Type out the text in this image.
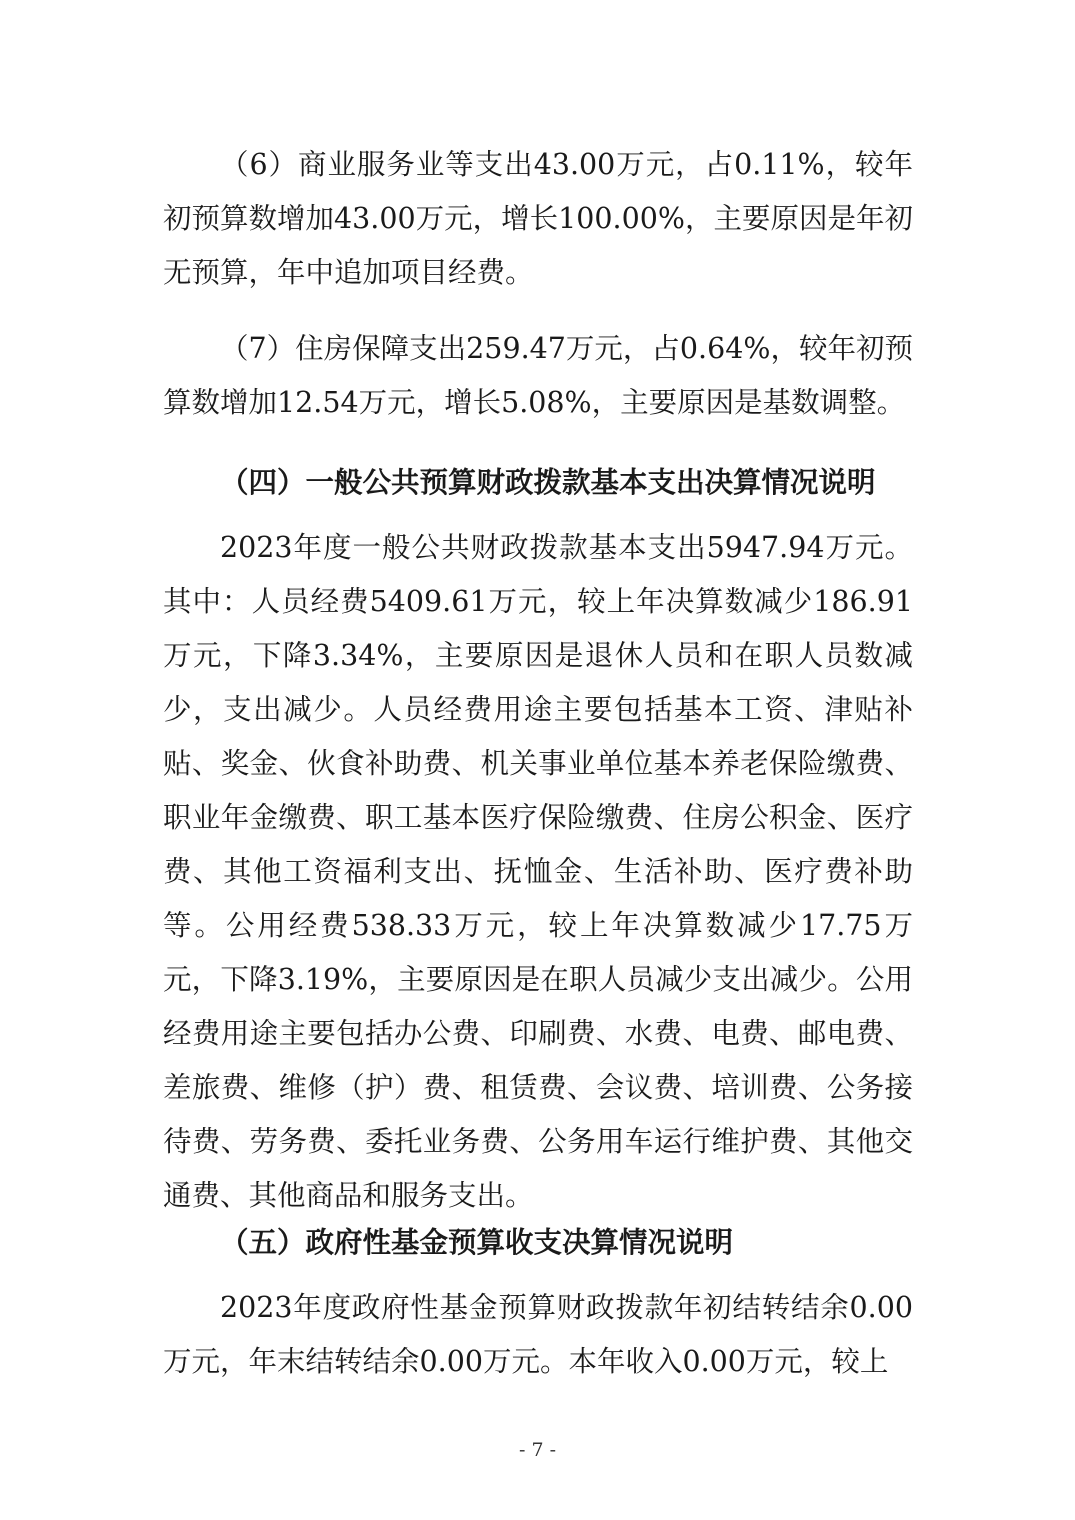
（6）商业服务业等支出43.00万元，占0.11%，较年初预算数增加43.00万元，增长100.00%，主要原因是年初无预算，年中追加项目经费。

（7）住房保障支出259.47万元，占0.64%，较年初预算数增加12.54万元，增长5.08%，主要原因是基数调整。

（四）一般公共预算财政拨款基本支出决算情况说明

2023年度一般公共财政拨款基本支出5947.94万元。其中：人员经费5409.61万元，较上年决算数减少186.91万元，下降3.34%，主要原因是退休人员和在职人员数减少，支出减少。人员经费用途主要包括基本工资、津贴补贴、奖金、伙食补助费、机关事业单位基本养老保险缴费、职业年金缴费、职工基本医疗保险缴费、住房公积金、医疗费、其他工资福利支出、抚恤金、生活补助、医疗费补助等。公用经费538.33万元，较上年决算数减少17.75万元，下降3.19%，主要原因是在职人员减少支出减少。公用经费用途主要包括办公费、印刷费、水费、电费、邮电费、差旅费、维修（护）费、租赁费、会议费、培训费、公务接待费、劳务费、委托业务费、公务用车运行维护费、其他交通费、其他商品和服务支出。

（五）政府性基金预算收支决算情况说明

2023年度政府性基金预算财政拨款年初结转结余0.00万元，年末结转结余0.00万元。本年收入0.00万元，较上

- 7 -
